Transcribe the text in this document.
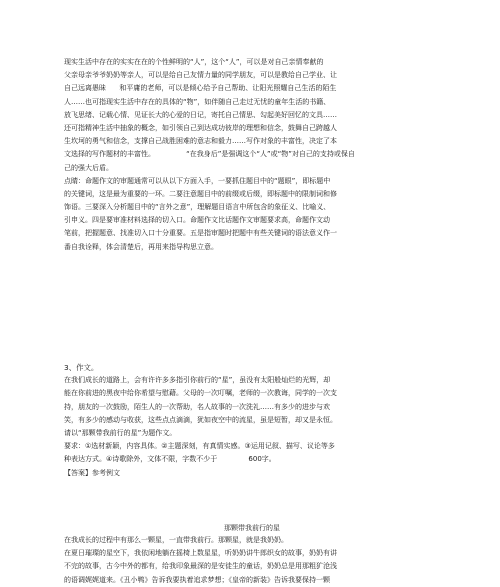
现实生活中存在的实实在在的个性鲜明的“人”，这个“人”，可以是对自己亲情奉献的
父亲母亲爷爷奶奶等亲人，可以是给自己友情力量的同学朋友，可以是教给自己学业、让
自己远离愚昧      和平庸的老师，可以是倾心给予自己帮助、让阳光照耀自己生活的陌生
人……也可指现实生活中存在的具体的“物”，如伴随自己走过无忧的童年生活的书籍、
放飞思绪、记载心情、见证长大的心爱的日记，寄托自己情思、勾起美好回忆的文具……
还可指精神生活中抽象的概念，如引领自己到达成功彼岸的理想和信念，鼓舞自己跨越人
生坎坷的勇气和信念，支撑自己战胜困难的意志和毅力……写作对象的丰富性，决定了本
文选择的写作题材的丰富性。              “在我身后”是强调这个“人”或“物”对自己的支持或保自
己的强大后盾。
点睛：命题作文的审题通常可以从以下方面入手，一要抓住题目中的“题眼”，即标题中
的关键词，这是最为重要的一环。二要注意题目中的前缀或后缀，即标题中的限制词和修
饰语。三要深入分析题目中的“言外之意”，理解题目语言中所包含的象征义、比喻义、
引申义。四是要审准材料选择的切入口。命题作文比话题作文审题要求高，命题作文动
笔前，把握题意、找准切入口十分重要。五是指审题时把题中有些关键词的语法意义作一
番自我诠释，体会清楚后，再用来指导构思立意。
3、作文。
在我们成长的道路上，会有许许多多指引你前行的“星”，虽没有太阳般灿烂的光辉，却
能在你前进的黑夜中给你希望与慰藉。父母的一次叮嘱，老师的一次教诲，同学的一次支
持，朋友的一次鼓励，陌生人的一次帮助，名人故事的一次洗礼……有多少的进步与欢
笑，有多少的感动与收获，这些点点滴滴，犹如夜空中的流星，虽是短暂，却又是永恒。
请以“那颗带我前行的星”为题作文。
要求：①选材新颖，内容具体。②主题深刻，有真情实感。③运用记叙、描写、议论等多
种表达方式。④诗歌除外，文体不限，字数不少于              600字。
【答案】参考例文
那颗带我前行的星
在我成长的过程中有那么一颗星，一直带我前行。那颗星，就是我奶奶。
在夏日璀璨的星空下，我依闲地躺在摇椅上数星星，听奶奶讲牛郎织女的故事，奶奶有讲
不完的故事，古今中外的都有，给我印象最深的是安徒生的童话，奶奶总是用那粗犷沧浅
的语调娓娓道来。《丑小鸭》告诉我要执着追求梦想；《皇帝的新装》告诉我要保持一颗
